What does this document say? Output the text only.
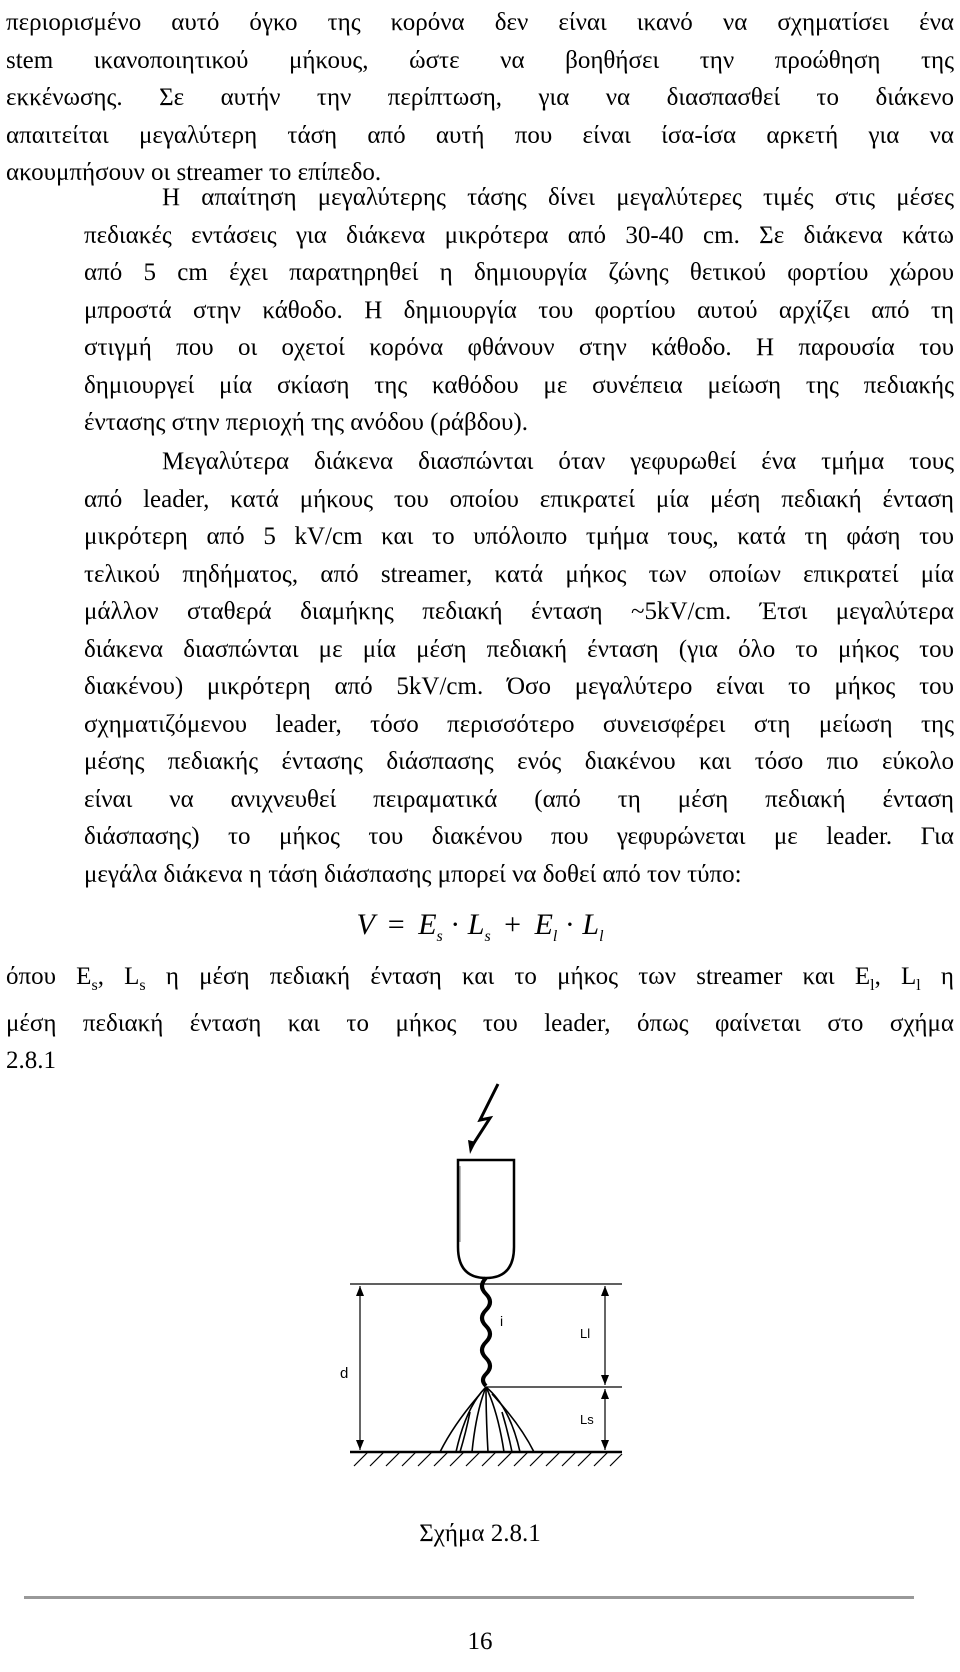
περιορισμένο αυτό όγκο της κορόνα δεν είναι ικανό να σχηματίσει ένα
stem ικανοποιητικού μήκους, ώστε να βοηθήσει την προώθηση της
εκκένωσης. Σε αυτήν την περίπτωση, για να διασπασθεί το διάκενο
απαιτείται μεγαλύτερη τάση από αυτή που είναι ίσα-ίσα αρκετή για να
ακουμπήσουν οι streamer το επίπεδο.
Η απαίτηση μεγαλύτερης τάσης δίνει μεγαλύτερες τιμές στις μέσες
πεδιακές εντάσεις για διάκενα μικρότερα από 30-40 cm. Σε διάκενα κάτω
από 5 cm έχει παρατηρηθεί η δημιουργία ζώνης θετικού φορτίου χώρου
μπροστά στην κάθοδο. Η δημιουργία του φορτίου αυτού αρχίζει από τη
στιγμή που οι οχετοί κορόνα φθάνουν στην κάθοδο. Η παρουσία του
δημιουργεί μία σκίαση της καθόδου με συνέπεια μείωση της πεδιακής
έντασης στην περιοχή της ανόδου (ράβδου).
Μεγαλύτερα διάκενα διασπώνται όταν γεφυρωθεί ένα τμήμα τους
από leader, κατά μήκους του οποίου επικρατεί μία μέση πεδιακή ένταση
μικρότερη από 5 kV/cm και το υπόλοιπο τμήμα τους, κατά τη φάση του
τελικού πηδήματος, από streamer, κατά μήκος των οποίων επικρατεί μία
μάλλον σταθερά διαμήκης πεδιακή ένταση ~5kV/cm. Έτσι μεγαλύτερα
διάκενα διασπώνται με μία μέση πεδιακή ένταση (για όλο το μήκος του
διακένου) μικρότερη από 5kV/cm. Όσο μεγαλύτερο είναι το μήκος του
σχηματιζόμενου leader, τόσο περισσότερο συνεισφέρει στη μείωση της
μέσης πεδιακής έντασης διάσπασης ενός διακένου και τόσο πιο εύκολο
είναι να ανιχνευθεί πειραματικά (από τη μέση πεδιακή ένταση
διάσπασης) το μήκος του διακένου που γεφυρώνεται με leader. Για
μεγάλα διάκενα η τάση διάσπασης μπορεί να δοθεί από τον τύπο:
$V = E_s \cdot L_s + E_l \cdot L_l$
όπου $E_s$, $L_s$ η μέση πεδιακή ένταση και το μήκος των streamer και $E_l$, $L_l$ η
μέση πεδιακή ένταση και το μήκος του leader, όπως φαίνεται στο σχήμα
2.8.1
d
Ll
Ls
i
Σχήμα 2.8.1
16
